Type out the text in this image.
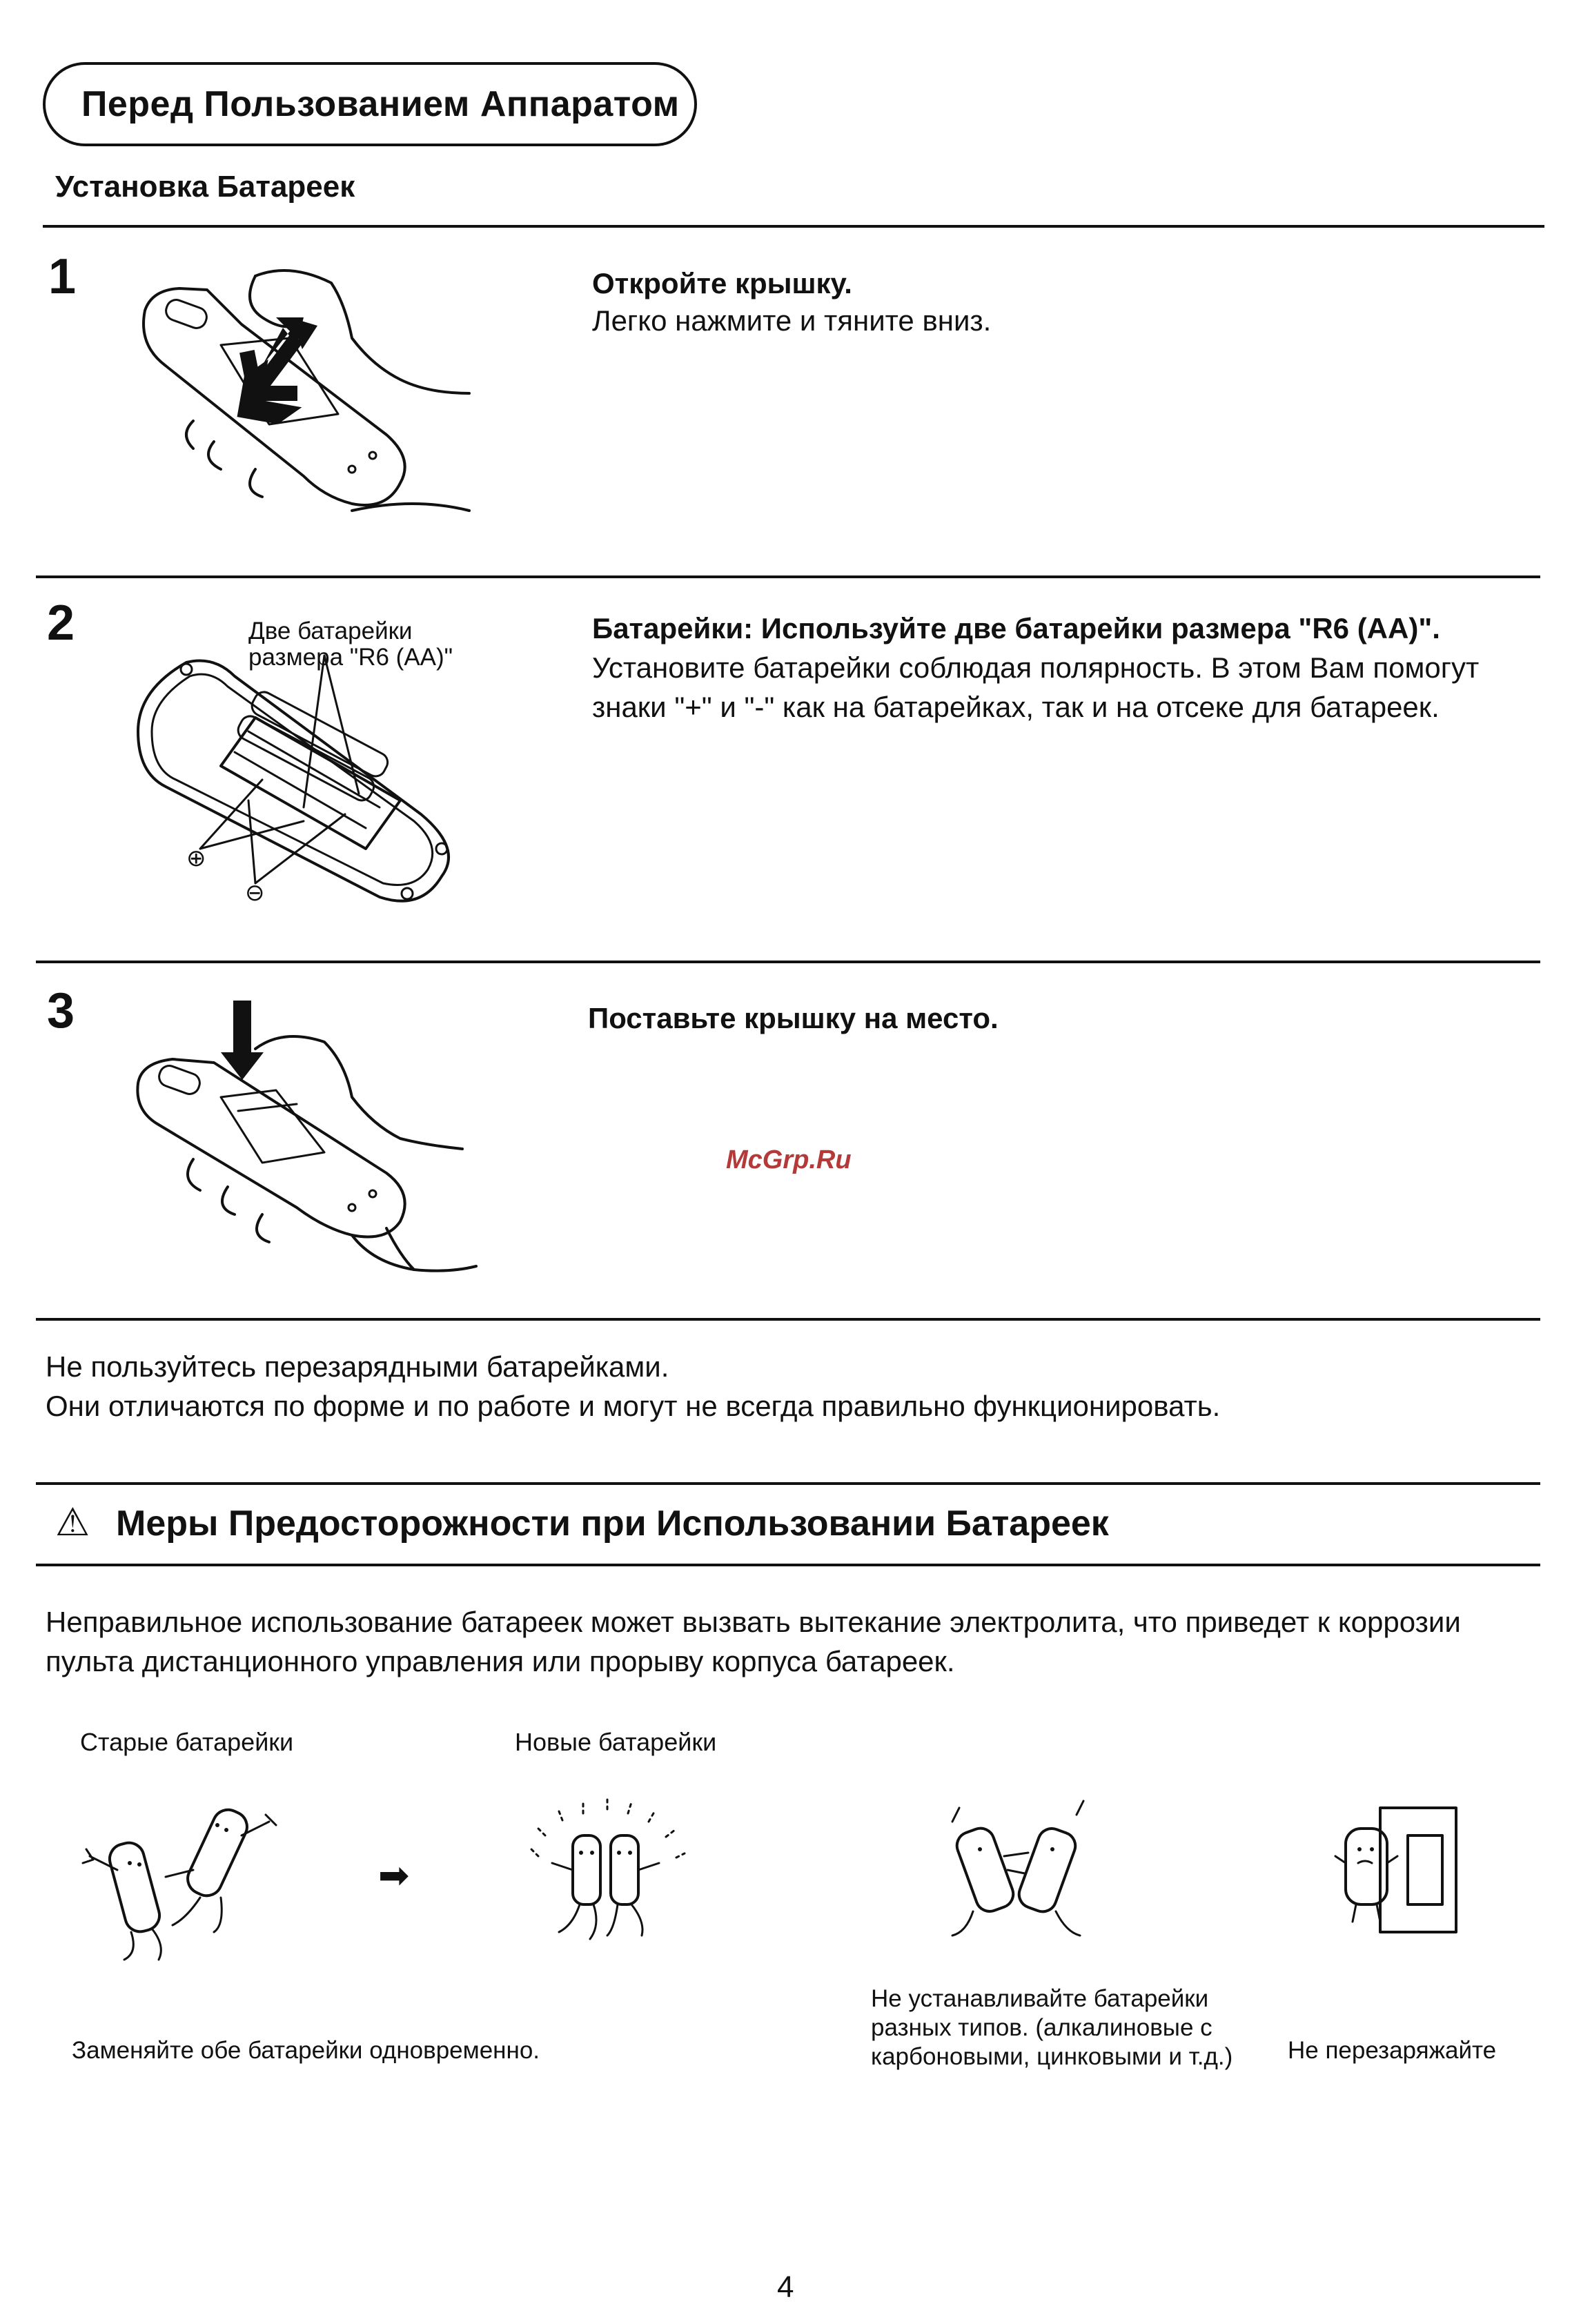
Перед Пользованием Аппаратом
Установка Батареек
1	Откройте крышку.
Легко нажмите и тяните вниз.
2	Две батарейки
размера "R6 (AA)"
⊕
⊖
Батарейки: Используйте две батарейки размера "R6 (AA)".
Установите батарейки соблюдая полярность. В этом Вам помогут
знаки "+" и "-" как на батарейках, так и на отсеке для батареек.
3	Поставьте крышку на место.
McGrp.Ru
Не пользуйтесь перезарядными батарейками.
Они отличаются по форме и по работе и могут не всегда правильно функционировать.
⚠ Меры Предосторожности при Использовании Батареек
Неправильное использование батареек может вызвать вытекание электролита, что приведет к коррозии
пульта дистанционного управления или прорыву корпуса батареек.
Старые батарейки	Новые батарейки
➡
Заменяйте обе батарейки одновременно.
Не устанавливайте батарейки
разных типов. (алкалиновые с
карбоновыми, цинковыми и т.д.) Не перезаряжайте
4
